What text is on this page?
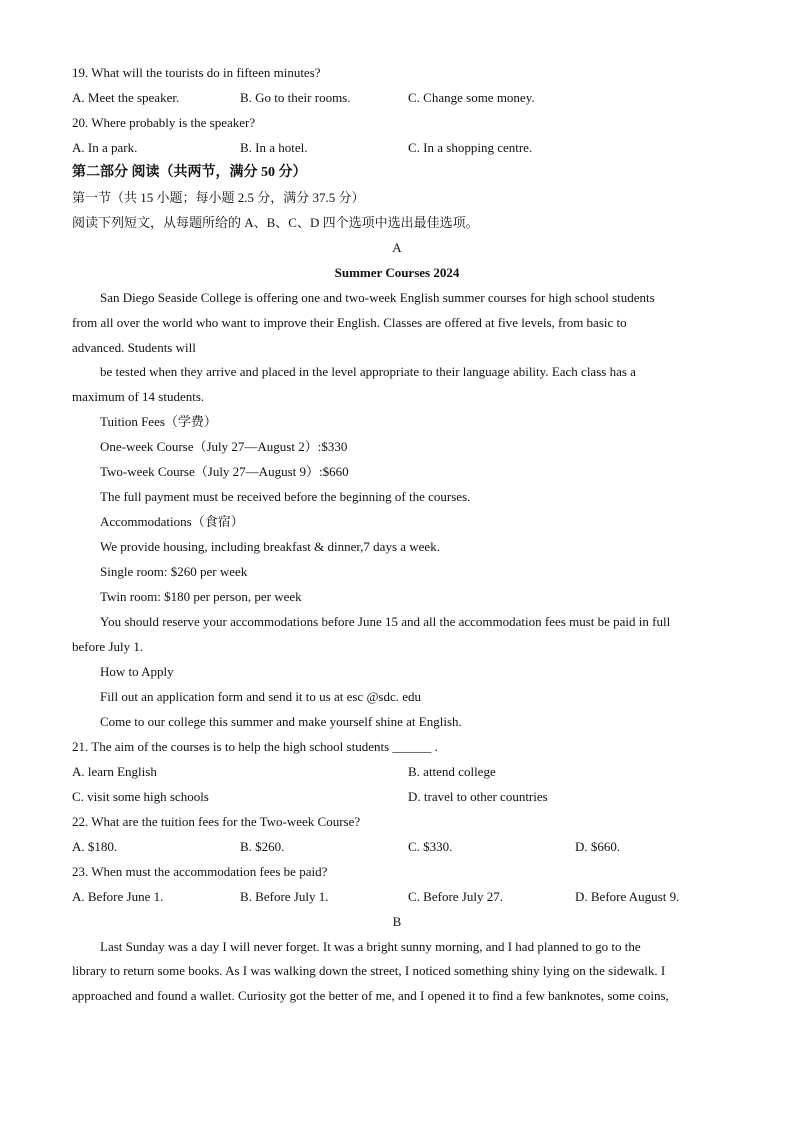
19. What will the tourists do in fifteen minutes?
A. Meet the speaker.	B. Go to their rooms.	C. Change some money.
20. Where probably is the speaker?
A. In a park.	B. In a hotel.	C. In a shopping centre.
第二部分 阅读（共两节，满分 50 分）
第一节（共 15 小题；每小题 2.5 分，满分 37.5 分）
阅读下列短文，从每题所给的 A、B、C、D 四个选项中选出最佳选项。
A
Summer Courses 2024
San Diego Seaside College is offering one and two-week English summer courses for high school students
from all over the world who want to improve their English. Classes are offered at five levels, from basic to
advanced. Students will
be tested when they arrive and placed in the level appropriate to their language ability. Each class has a
maximum of 14 students.
Tuition Fees（学费）
One-week Course（July 27—August 2）:$330
Two-week Course（July 27—August 9）:$660
The full payment must be received before the beginning of the courses.
Accommodations（食宿）
We provide housing, including breakfast & dinner,7 days a week.
Single room: $260 per week
Twin room: $180 per person, per week
You should reserve your accommodations before June 15 and all the accommodation fees must be paid in full
before July 1.
How to Apply
Fill out an application form and send it to us at esc @sdc. edu
Come to our college this summer and make yourself shine at English.
21. The aim of the courses is to help the high school students ______ .
A. learn English	B. attend college
C. visit some high schools	D. travel to other countries
22. What are the tuition fees for the Two-week Course?
A. $180.	B. $260.	C. $330.	D. $660.
23. When must the accommodation fees be paid?
A. Before June 1.	B. Before July 1.	C. Before July 27.	D. Before August 9.
B
Last Sunday was a day I will never forget. It was a bright sunny morning, and I had planned to go to the
library to return some books. As I was walking down the street, I noticed something shiny lying on the sidewalk. I
approached and found a wallet. Curiosity got the better of me, and I opened it to find a few banknotes, some coins,
